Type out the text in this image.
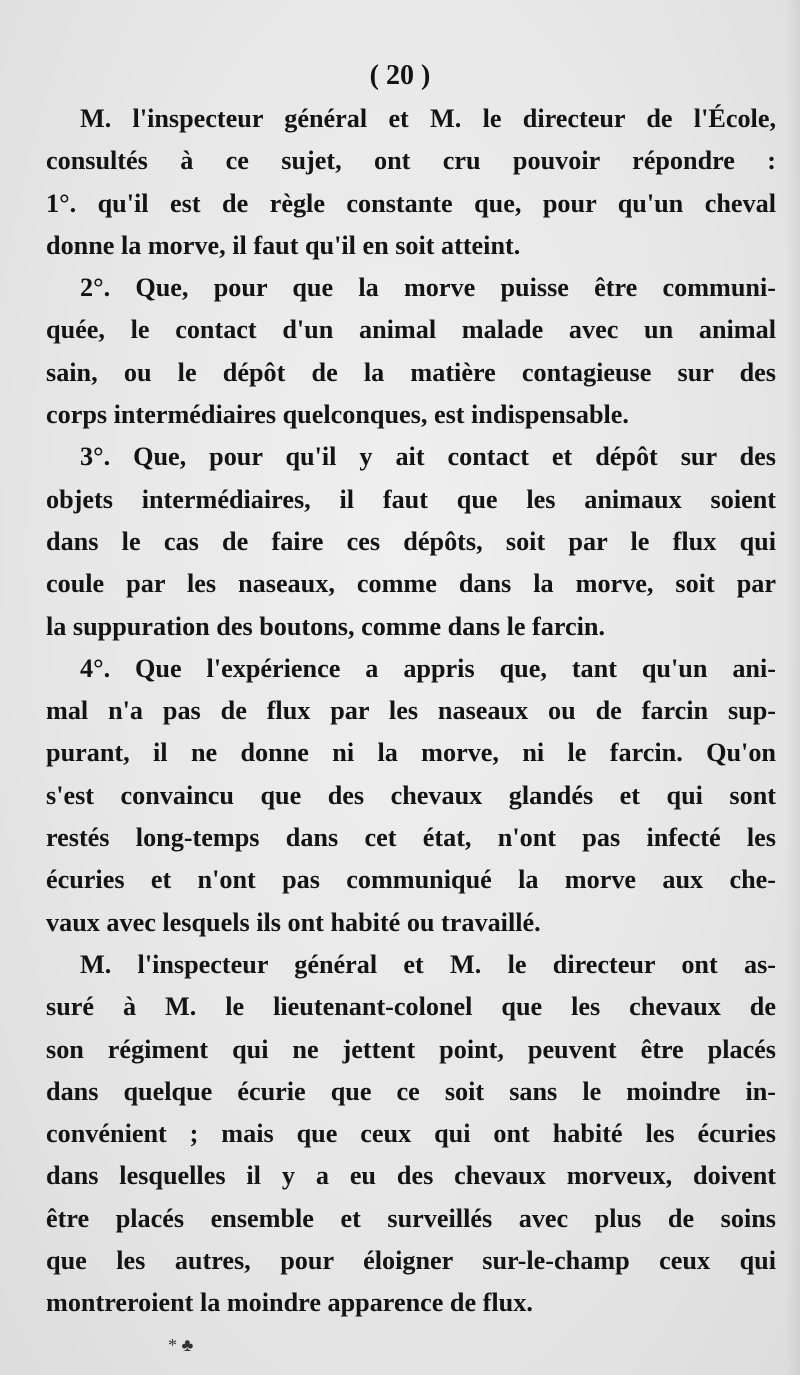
( 20 )
M. l'inspecteur général et M. le directeur de l'École,
consultés à ce sujet, ont cru pouvoir répondre :
1°. qu'il est de règle constante que, pour qu'un cheval
donne la morve, il faut qu'il en soit atteint.
2°. Que, pour que la morve puisse être communi-
quée, le contact d'un animal malade avec un animal
sain, ou le dépôt de la matière contagieuse sur des
corps intermédiaires quelconques, est indispensable.
3°. Que, pour qu'il y ait contact et dépôt sur des
objets intermédiaires, il faut que les animaux soient
dans le cas de faire ces dépôts, soit par le flux qui
coule par les naseaux, comme dans la morve, soit par
la suppuration des boutons, comme dans le farcin.
4°. Que l'expérience a appris que, tant qu'un ani-
mal n'a pas de flux par les naseaux ou de farcin sup-
purant, il ne donne ni la morve, ni le farcin. Qu'on
s'est convaincu que des chevaux glandés et qui sont
restés long-temps dans cet état, n'ont pas infecté les
écuries et n'ont pas communiqué la morve aux che-
vaux avec lesquels ils ont habité ou travaillé.
M. l'inspecteur général et M. le directeur ont as-
suré à M. le lieutenant-colonel que les chevaux de
son régiment qui ne jettent point, peuvent être placés
dans quelque écurie que ce soit sans le moindre in-
convénient ; mais que ceux qui ont habité les écuries
dans lesquelles il y a eu des chevaux morveux, doivent
être placés ensemble et surveillés avec plus de soins
que les autres, pour éloigner sur-le-champ ceux qui
montreroient la moindre apparence de flux.
* ♣
